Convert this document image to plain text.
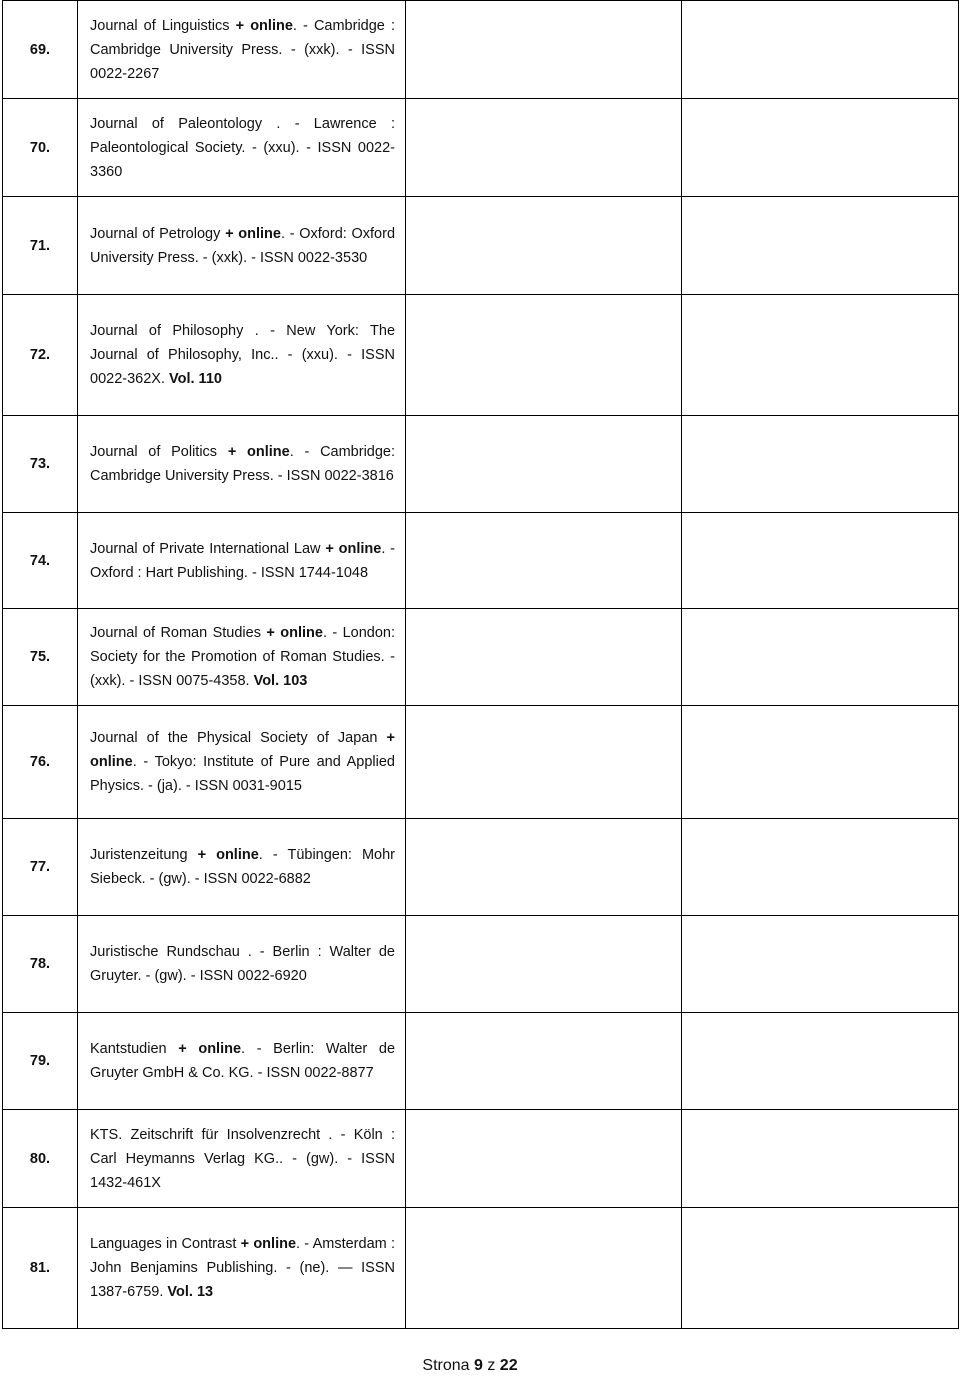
69.	Journal of Linguistics + online. - Cambridge : Cambridge University Press. - (xxk). - ISSN 0022-2267		
70.	Journal of Paleontology . - Lawrence : Paleontological Society. - (xxu). - ISSN 0022-3360		
71.	Journal of Petrology + online. - Oxford: Oxford University Press. - (xxk). - ISSN 0022-3530		
72.	Journal of Philosophy . - New York: The Journal of Philosophy, Inc.. - (xxu). - ISSN 0022-362X. Vol. 110		
73.	Journal of Politics + online. - Cambridge: Cambridge University Press. - ISSN 0022-3816		
74.	Journal of Private International Law + online. - Oxford : Hart Publishing. - ISSN 1744-1048		
75.	Journal of Roman Studies + online. - London: Society for the Promotion of Roman Studies. - (xxk). - ISSN 0075-4358. Vol. 103		
76.	Journal of the Physical Society of Japan + online. - Tokyo: Institute of Pure and Applied Physics. - (ja). - ISSN 0031-9015		
77.	Juristenzeitung + online. - Tübingen: Mohr Siebeck. - (gw). - ISSN 0022-6882		
78.	Juristische Rundschau . - Berlin : Walter de Gruyter. - (gw). - ISSN 0022-6920		
79.	Kantstudien + online. - Berlin: Walter de Gruyter GmbH & Co. KG. - ISSN 0022-8877		
80.	KTS. Zeitschrift für Insolvenzrecht . - Köln : Carl Heymanns Verlag KG.. - (gw). - ISSN 1432-461X		
81.	Languages in Contrast + online. - Amsterdam : John Benjamins Publishing. - (ne). — ISSN 1387-6759. Vol. 13		
Strona 9 z 22
